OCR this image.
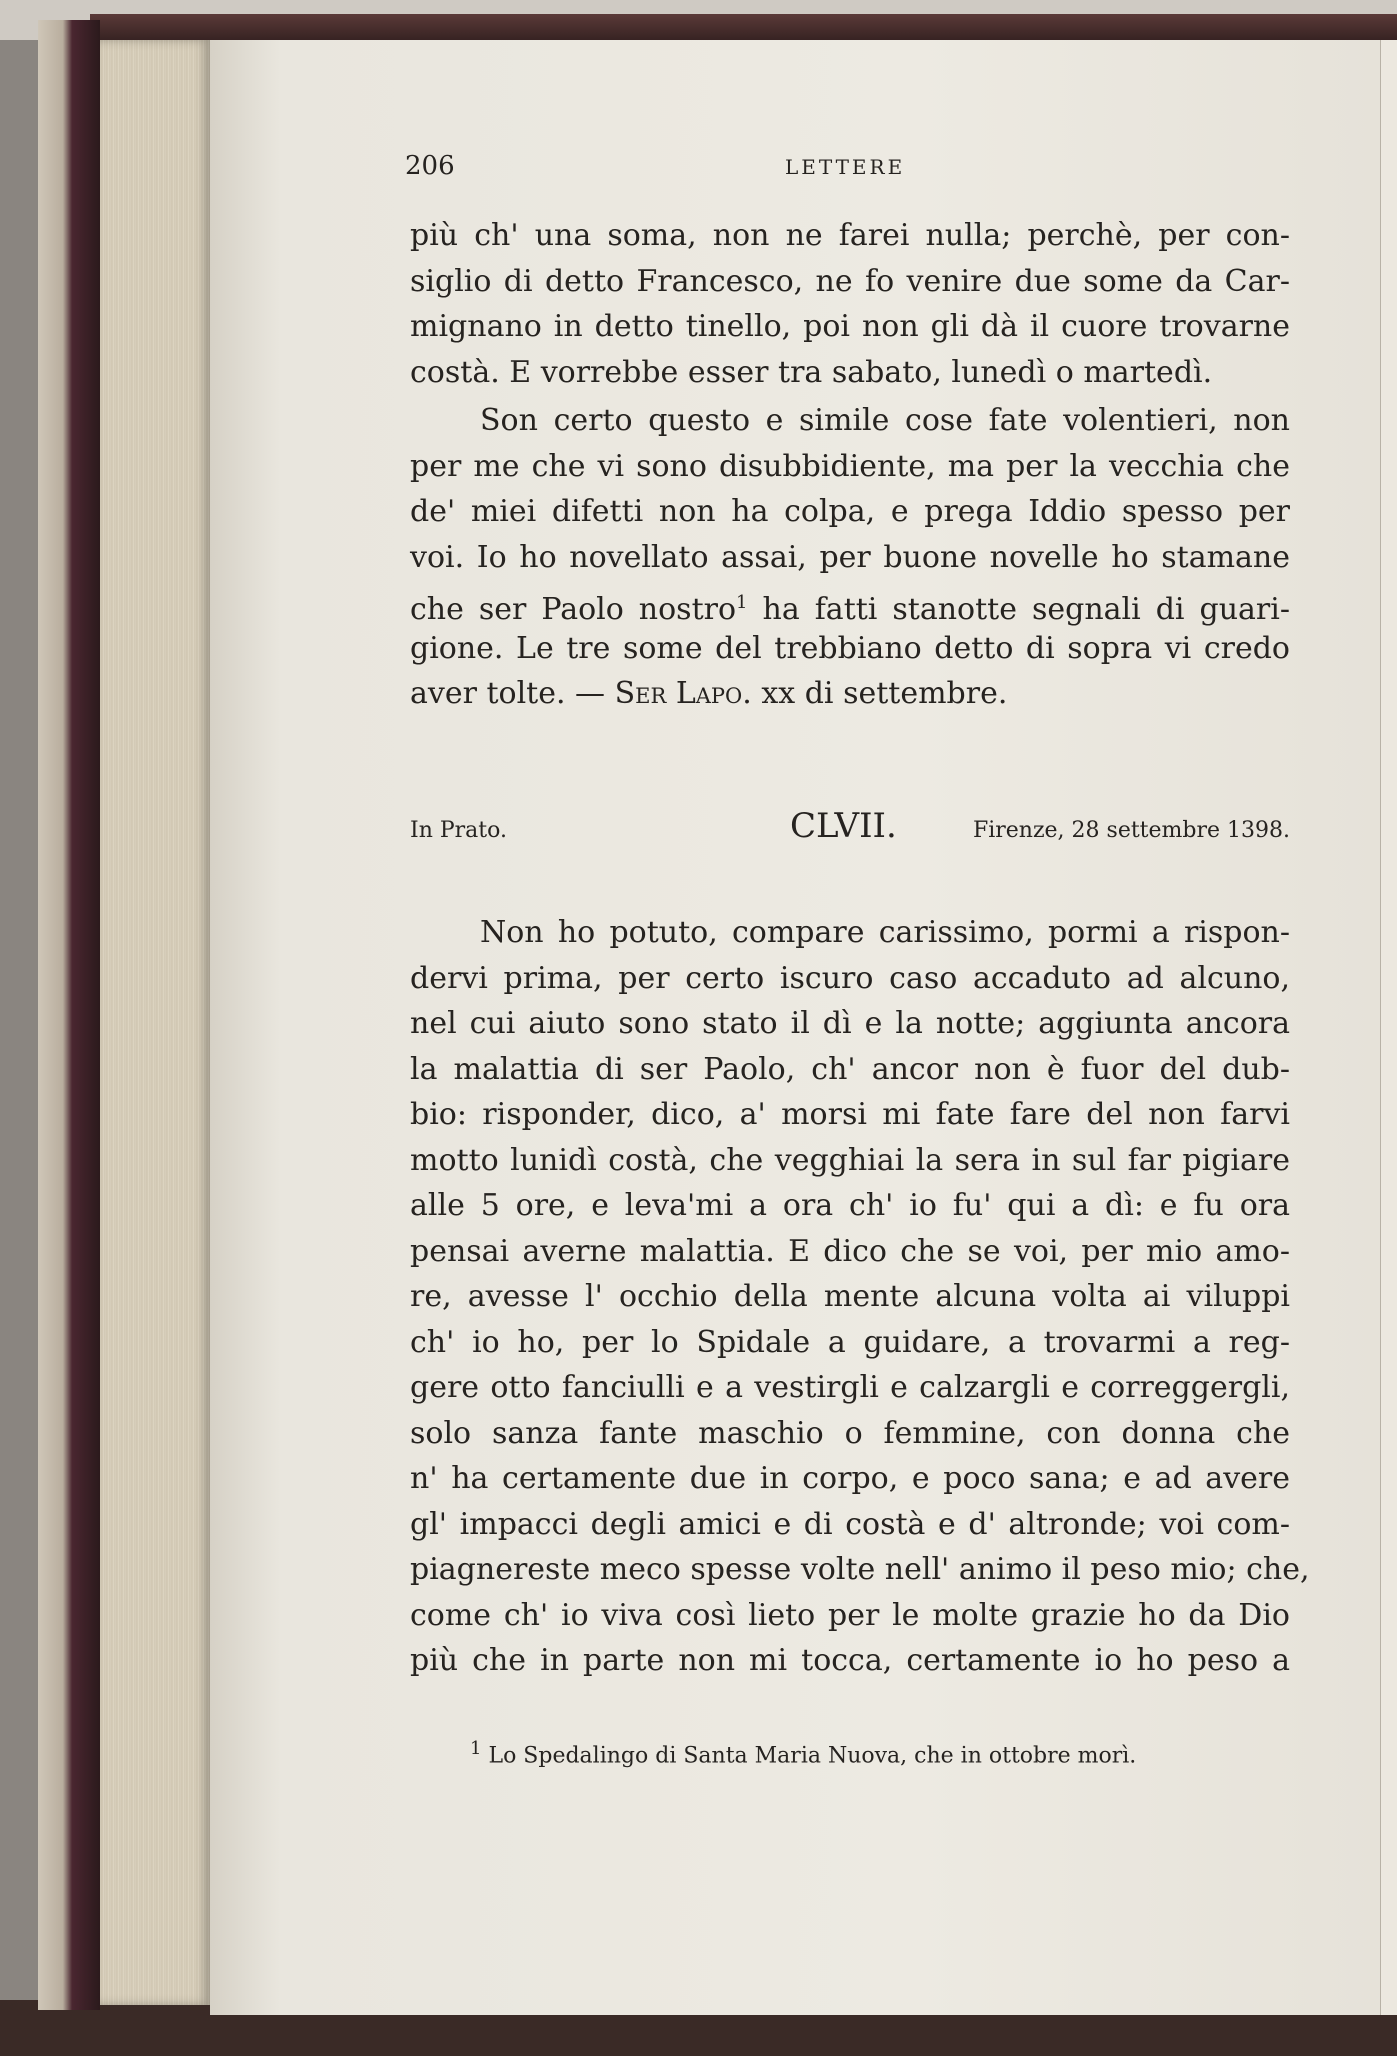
206	LETTERE
più ch' una soma, non ne farei nulla; perchè, per con-
siglio di detto Francesco, ne fo venire due some da Car-
mignano in detto tinello, poi non gli dà il cuore trovarne
costà. E vorrebbe esser tra sabato, lunedì o martedì.
Son certo questo e simile cose fate volentieri, non
per me che vi sono disubbidiente, ma per la vecchia che
de' miei difetti non ha colpa, e prega Iddio spesso per
voi. Io ho novellato assai, per buone novelle ho stamane
che ser Paolo nostro$^1$ ha fatti stanotte segnali di guari-
gione. Le tre some del trebbiano detto di sopra vi credo
aver tolte. — Ser Lapo. xx di settembre.
In Prato.	CLVII.	Firenze, 28 settembre 1398.
Non ho potuto, compare carissimo, pormi a rispon-
dervi prima, per certo iscuro caso accaduto ad alcuno,
nel cui aiuto sono stato il dì e la notte; aggiunta ancora
la malattia di ser Paolo, ch' ancor non è fuor del dub-
bio: risponder, dico, a' morsi mi fate fare del non farvi
motto lunidì costà, che vegghiai la sera in sul far pigiare
alle 5 ore, e leva'mi a ora ch' io fu' qui a dì: e fu ora
pensai averne malattia. E dico che se voi, per mio amo-
re, avesse l' occhio della mente alcuna volta ai viluppi
ch' io ho, per lo Spidale a guidare, a trovarmi a reg-
gere otto fanciulli e a vestirgli e calzargli e correggergli,
solo sanza fante maschio o femmine, con donna che
n' ha certamente due in corpo, e poco sana; e ad avere
gl' impacci degli amici e di costà e d' altronde; voi com-
piagnereste meco spesse volte nell' animo il peso mio; che,
come ch' io viva così lieto per le molte grazie ho da Dio
più che in parte non mi tocca, certamente io ho peso a
$^1$ Lo Spedalingo di Santa Maria Nuova, che in ottobre morì.
